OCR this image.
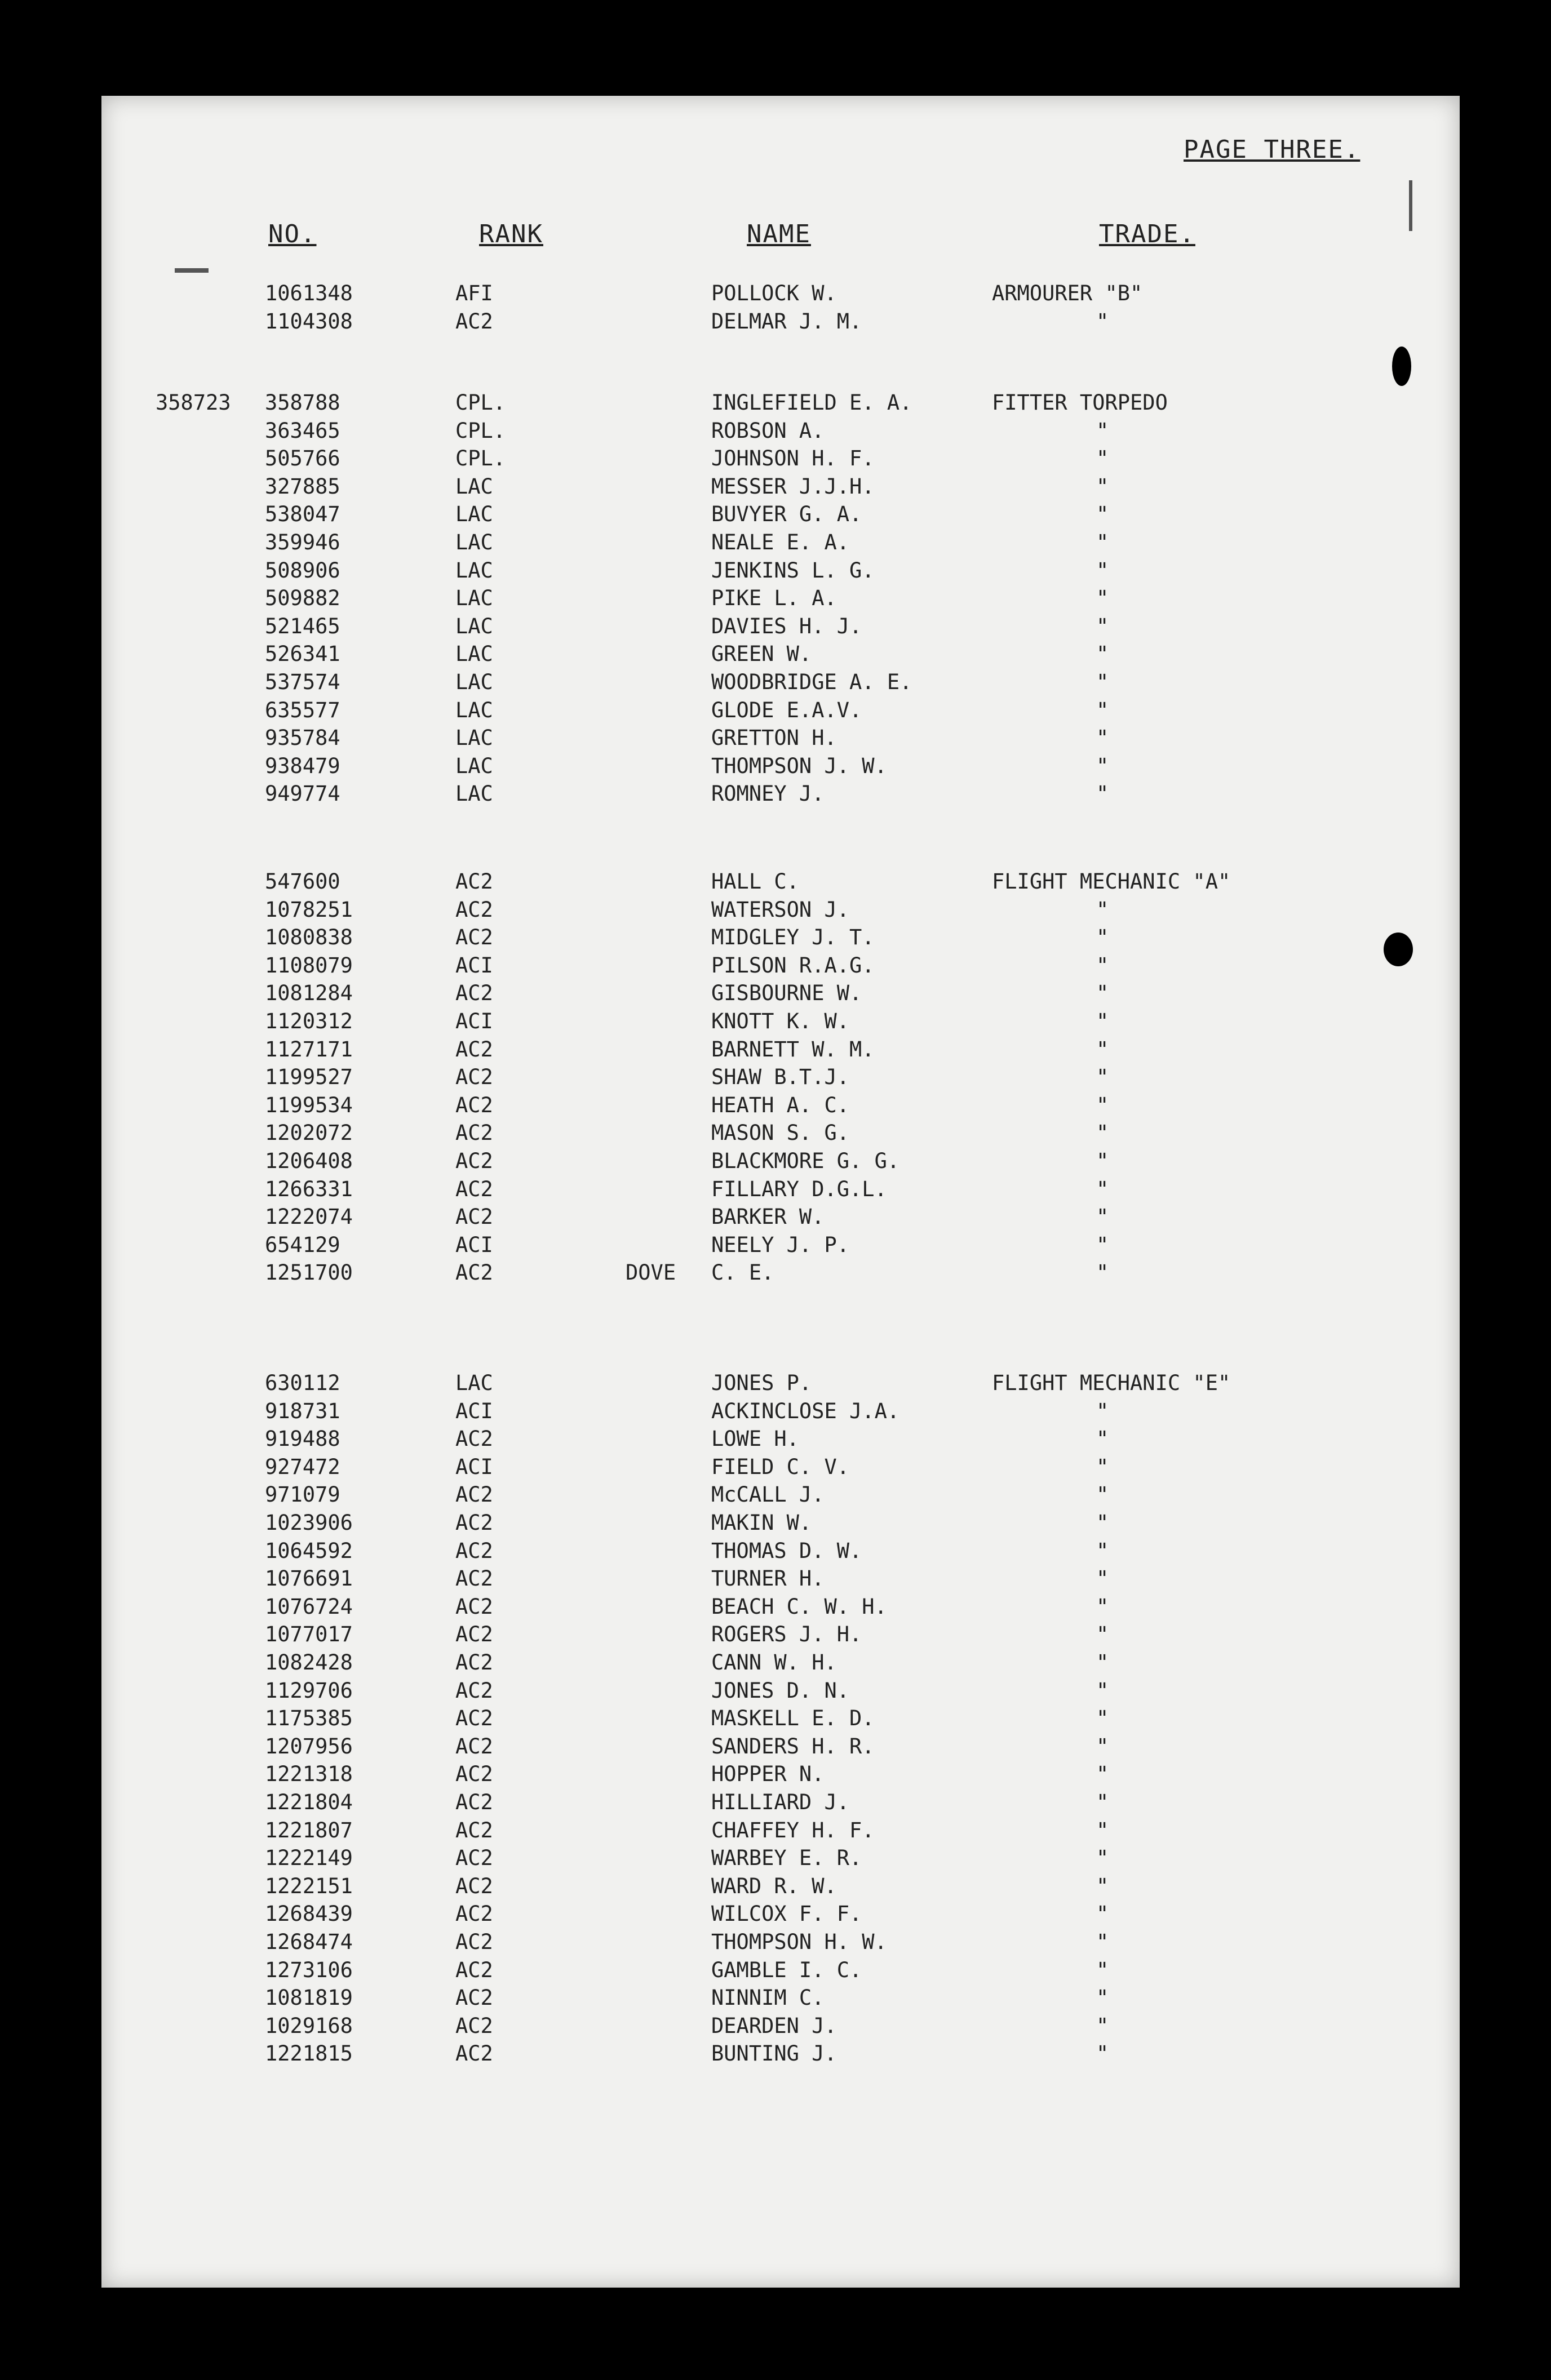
PAGE THREE.
NO.	RANK	NAME	TRADE.
1061348	AFI	POLLOCK W.	ARMOURER "B"
1104308	AC2	DELMAR J. M.	"
358723 358788	CPL.	INGLEFIELD E. A.	FITTER TORPEDO
363465	CPL.	ROBSON A.	"
505766	CPL.	JOHNSON H. F.	"
327885	LAC	MESSER J.J.H.	"
538047	LAC	BUVYER G. A.	"
359946	LAC	NEALE E. A.	"
508906	LAC	JENKINS L. G.	"
509882	LAC	PIKE L. A.	"
521465	LAC	DAVIES H. J.	"
526341	LAC	GREEN W.	"
537574	LAC	WOODBRIDGE A. E.	"
635577	LAC	GLODE E.A.V.	"
935784	LAC	GRETTON H.	"
938479	LAC	THOMPSON J. W.	"
949774	LAC	ROMNEY J.	"
547600	AC2	HALL C.	FLIGHT MECHANIC "A"
1078251	AC2	WATERSON J.	"
1080838	AC2	MIDGLEY J. T.	"
1108079	ACI	PILSON R.A.G.	"
1081284	AC2	GISBOURNE W.	"
1120312	ACI	KNOTT K. W.	"
1127171	AC2	BARNETT W. M.	"
1199527	AC2	SHAW B.T.J.	"
1199534	AC2	HEATH A. C.	"
1202072	AC2	MASON S. G.	"
1206408	AC2	BLACKMORE G. G.	"
1266331	AC2	FILLARY D.G.L.	"
1222074	AC2	BARKER W.	"
654129	ACI	NEELY J. P.	"
1251700	AC2	DOVE C. E.	"
630112	LAC	JONES P.	FLIGHT MECHANIC "E"
918731	ACI	ACKINCLOSE J.A.	"
919488	AC2	LOWE H.	"
927472	ACI	FIELD C. V.	"
971079	AC2	McCALL J.	"
1023906	AC2	MAKIN W.	"
1064592	AC2	THOMAS D. W.	"
1076691	AC2	TURNER H.	"
1076724	AC2	BEACH C. W. H.	"
1077017	AC2	ROGERS J. H.	"
1082428	AC2	CANN W. H.	"
1129706	AC2	JONES D. N.	"
1175385	AC2	MASKELL E. D.	"
1207956	AC2	SANDERS H. R.	"
1221318	AC2	HOPPER N.	"
1221804	AC2	HILLIARD J.	"
1221807	AC2	CHAFFEY H. F.	"
1222149	AC2	WARBEY E. R.	"
1222151	AC2	WARD R. W.	"
1268439	AC2	WILCOX F. F.	"
1268474	AC2	THOMPSON H. W.	"
1273106	AC2	GAMBLE I. C.	"
1081819	AC2	NINNIM C.	"
1029168	AC2	DEARDEN J.	"
1221815	AC2	BUNTING J.	"
